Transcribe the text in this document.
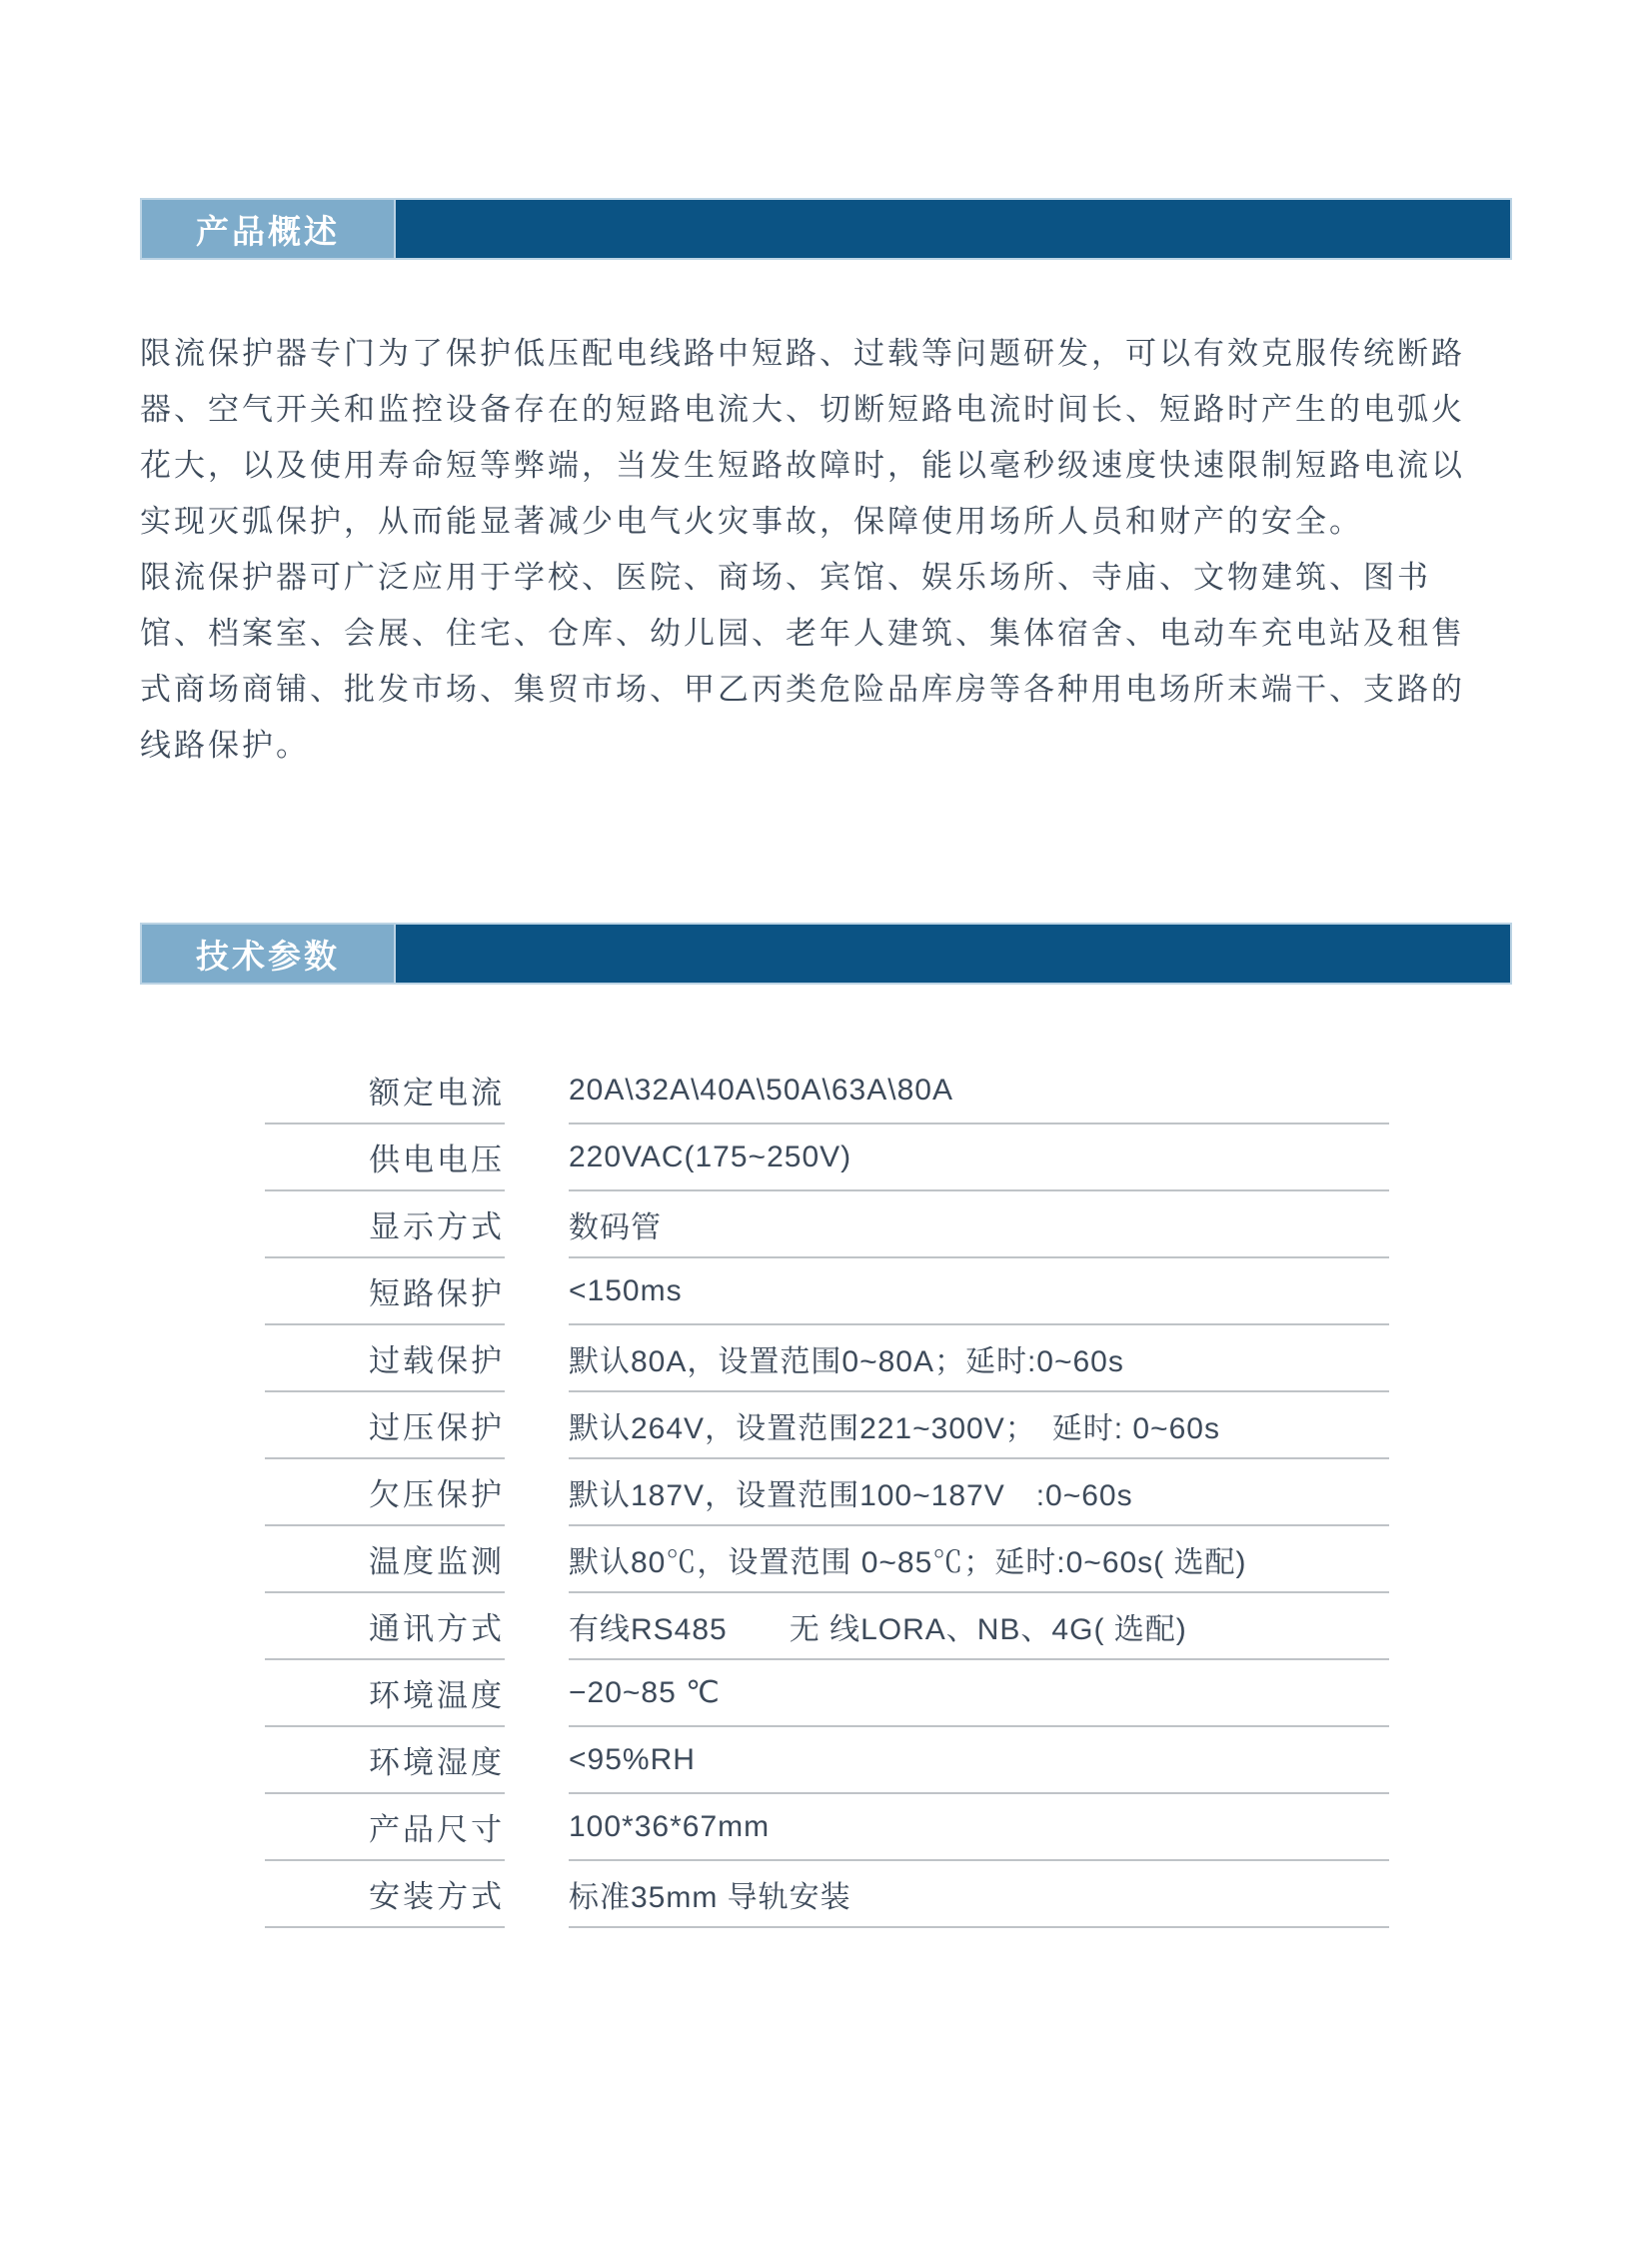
产品概述
限流保护器专门为了保护低压配电线路中短路、过载等问题研发，可以有效克服传统断路
器、空气开关和监控设备存在的短路电流大、切断短路电流时间长、短路时产生的电弧火
花大，以及使用寿命短等弊端，当发生短路故障时，能以毫秒级速度快速限制短路电流以
实现灭弧保护，从而能显著减少电气火灾事故，保障使用场所人员和财产的安全。
限流保护器可广泛应用于学校、医院、商场、宾馆、娱乐场所、寺庙、文物建筑、图书
馆、档案室、会展、住宅、仓库、幼儿园、老年人建筑、集体宿舍、电动车充电站及租售
式商场商铺、批发市场、集贸市场、甲乙丙类危险品库房等各种用电场所末端干、支路的
线路保护。
技术参数
额定电流 20A\32A\40A\50A\63A\80A
供电电压 220VAC(175~250V)
显示方式 数码管
短路保护 <150ms
过载保护 默认80A，设置范围0~80A；延时:0~60s
过压保护 默认264V，设置范围221~300V；　延时: 0~60s
欠压保护 默认187V，设置范围100~187V　:0~60s
温度监测 默认80℃，设置范围 0~85℃；延时:0~60s( 选配)
通讯方式 有线RS485　　无 线LORA、NB、4G( 选配)
环境温度 −20~85 ℃
环境湿度 <95%RH
产品尺寸 100*36*67mm
安装方式 标准35mm 导轨安装
